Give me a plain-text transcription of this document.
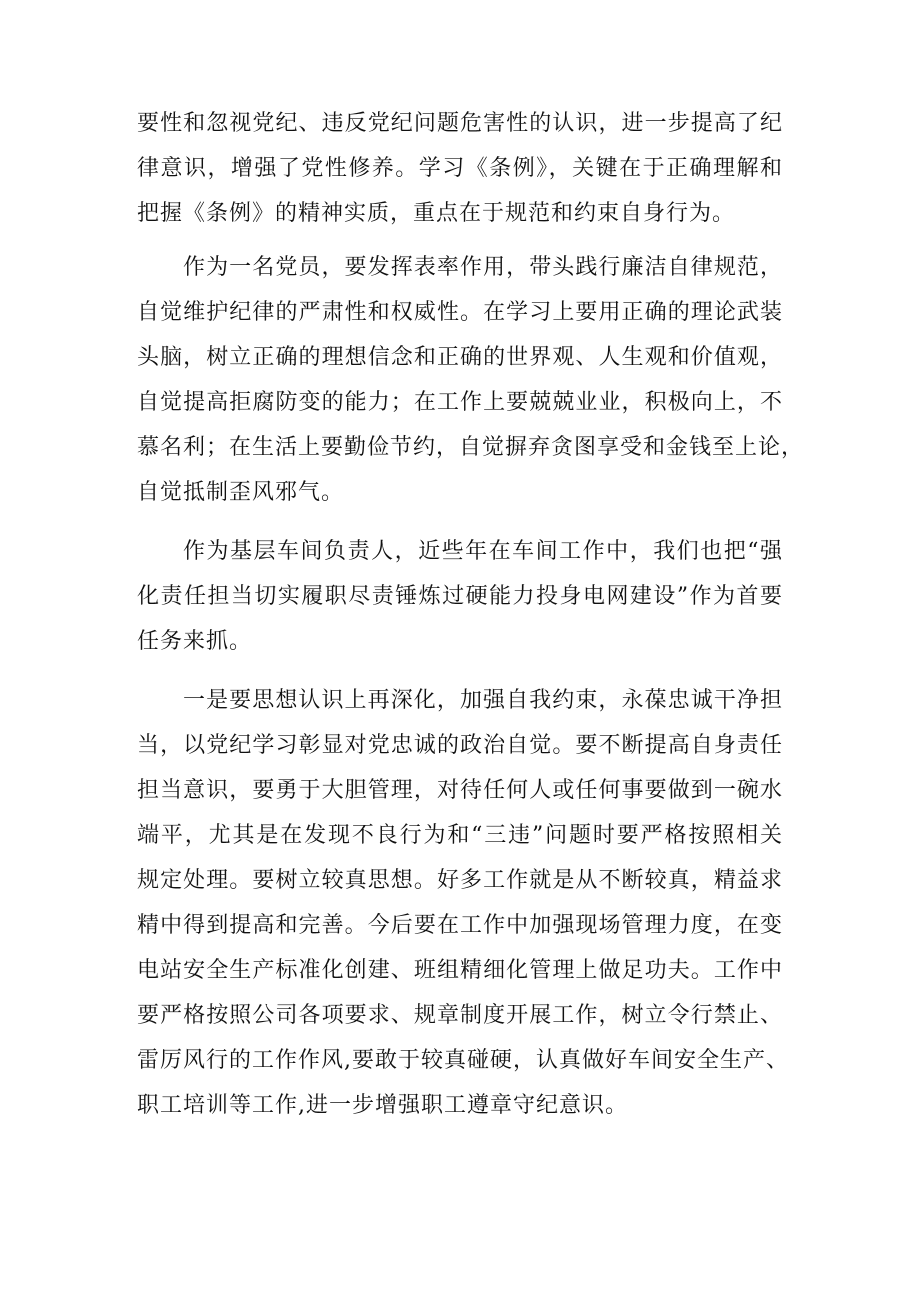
要性和忽视党纪、违反党纪问题危害性的认识，进一步提高了纪
律意识，增强了党性修养。学习《条例》，关键在于正确理解和
把握《条例》的精神实质，重点在于规范和约束自身行为。
作为一名党员，要发挥表率作用，带头践行廉洁自律规范，
自觉维护纪律的严肃性和权威性。在学习上要用正确的理论武装
头脑，树立正确的理想信念和正确的世界观、人生观和价值观，
自觉提高拒腐防变的能力；在工作上要兢兢业业，积极向上，不
慕名利；在生活上要勤俭节约，自觉摒弃贪图享受和金钱至上论，
自觉抵制歪风邪气。
作为基层车间负责人，近些年在车间工作中，我们也把“强
化责任担当切实履职尽责锤炼过硬能力投身电网建设”作为首要
任务来抓。
一是要思想认识上再深化，加强自我约束，永葆忠诚干净担
当，以党纪学习彰显对党忠诚的政治自觉。要不断提高自身责任
担当意识，要勇于大胆管理，对待任何人或任何事要做到一碗水
端平，尤其是在发现不良行为和“三违”问题时要严格按照相关
规定处理。要树立较真思想。好多工作就是从不断较真，精益求
精中得到提高和完善。今后要在工作中加强现场管理力度，在变
电站安全生产标准化创建、班组精细化管理上做足功夫。工作中
要严格按照公司各项要求、规章制度开展工作，树立令行禁止、
雷厉风行的工作作风,要敢于较真碰硬，认真做好车间安全生产、
职工培训等工作,进一步增强职工遵章守纪意识。
